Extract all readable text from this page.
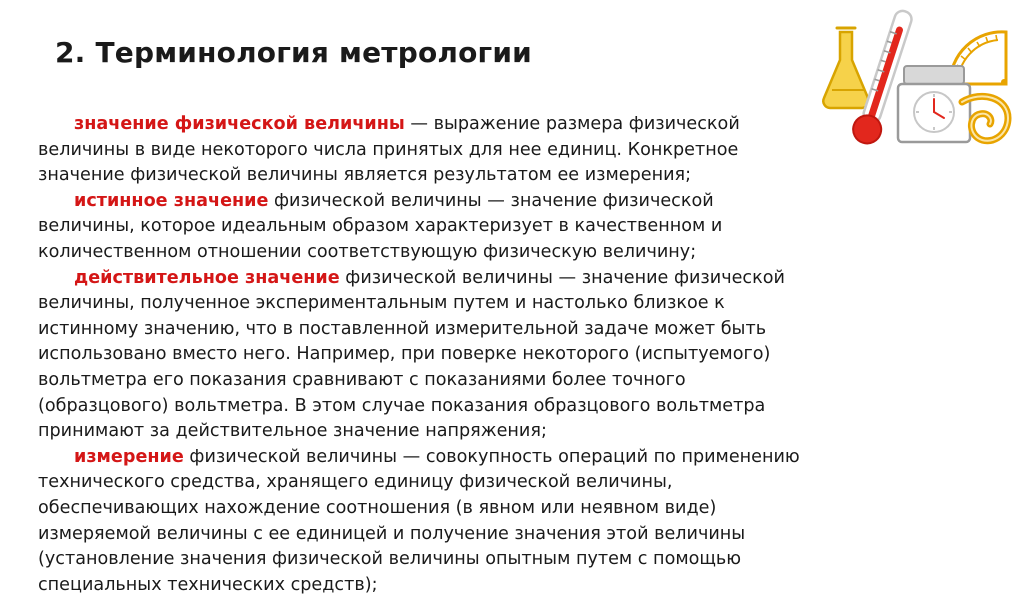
2. Терминология метрологии

значение физической величины — выражение размера физической величины в виде некоторого числа принятых для нее единиц. Конкретное значение физической величины является результатом ее измерения;

истинное значение физической величины — значение физической величины, которое идеальным образом характеризует в качественном и количественном отношении соответствующую физическую величину;

действительное значение физической величины — значение физической величины, полученное экспериментальным путем и настолько близкое к истинному значению, что в поставленной измерительной задаче может быть использовано вместо него. Например, при поверке некоторого (испытуемого) вольтметра его показания сравнивают с показаниями более точного (образцового) вольтметра. В этом случае показания образцового вольтметра принимают за действительное значение напряжения;

измерение физической величины — совокупность операций по применению технического средства, хранящего единицу физической величины, обеспечивающих нахождение соотношения (в явном или неявном виде) измеряемой величины с ее единицей и получение значения этой величины (установление значения физической величины опытным путем с помощью специальных технических средств);
